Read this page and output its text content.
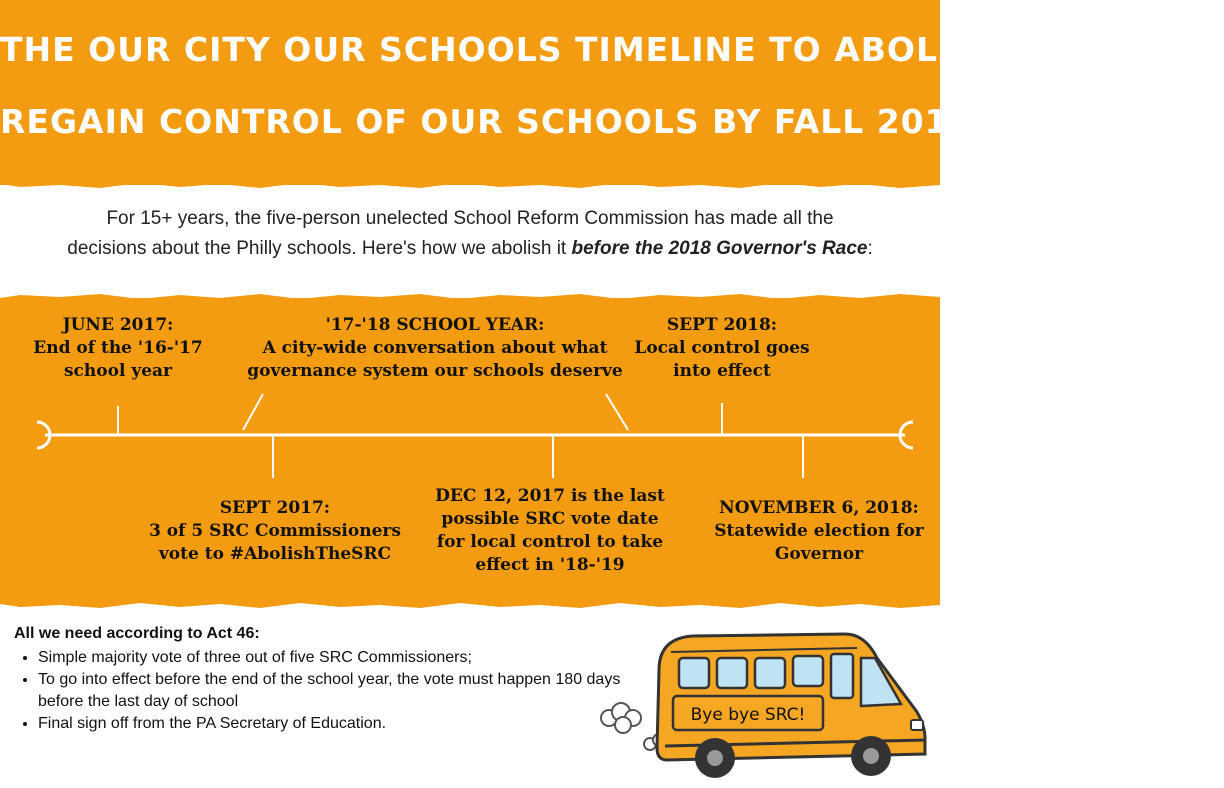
THE OUR CITY OUR SCHOOLS TIMELINE TO ABOLISH THE SRC &
REGAIN CONTROL OF OUR SCHOOLS BY FALL 2018
For 15+ years, the five-person unelected School Reform Commission has made all the
decisions about the Philly schools. Here's how we abolish it before the 2018 Governor's Race:
JUNE 2017:
End of the '16-'17
school year
'17-'18 SCHOOL YEAR:
A city-wide conversation about what
governance system our schools deserve
SEPT 2018:
Local control goes
into effect
SEPT 2017:
3 of 5 SRC Commissioners
vote to #AbolishTheSRC
DEC 12, 2017 is the last
possible SRC vote date
for local control to take
effect in '18-'19
NOVEMBER 6, 2018:
Statewide election for
Governor
All we need according to Act 46:
• Simple majority vote of three out of five SRC Commissioners;
• To go into effect before the end of the school year, the vote must happen 180 days before the last day of school
• Final sign off from the PA Secretary of Education.	Bye bye SRC!
